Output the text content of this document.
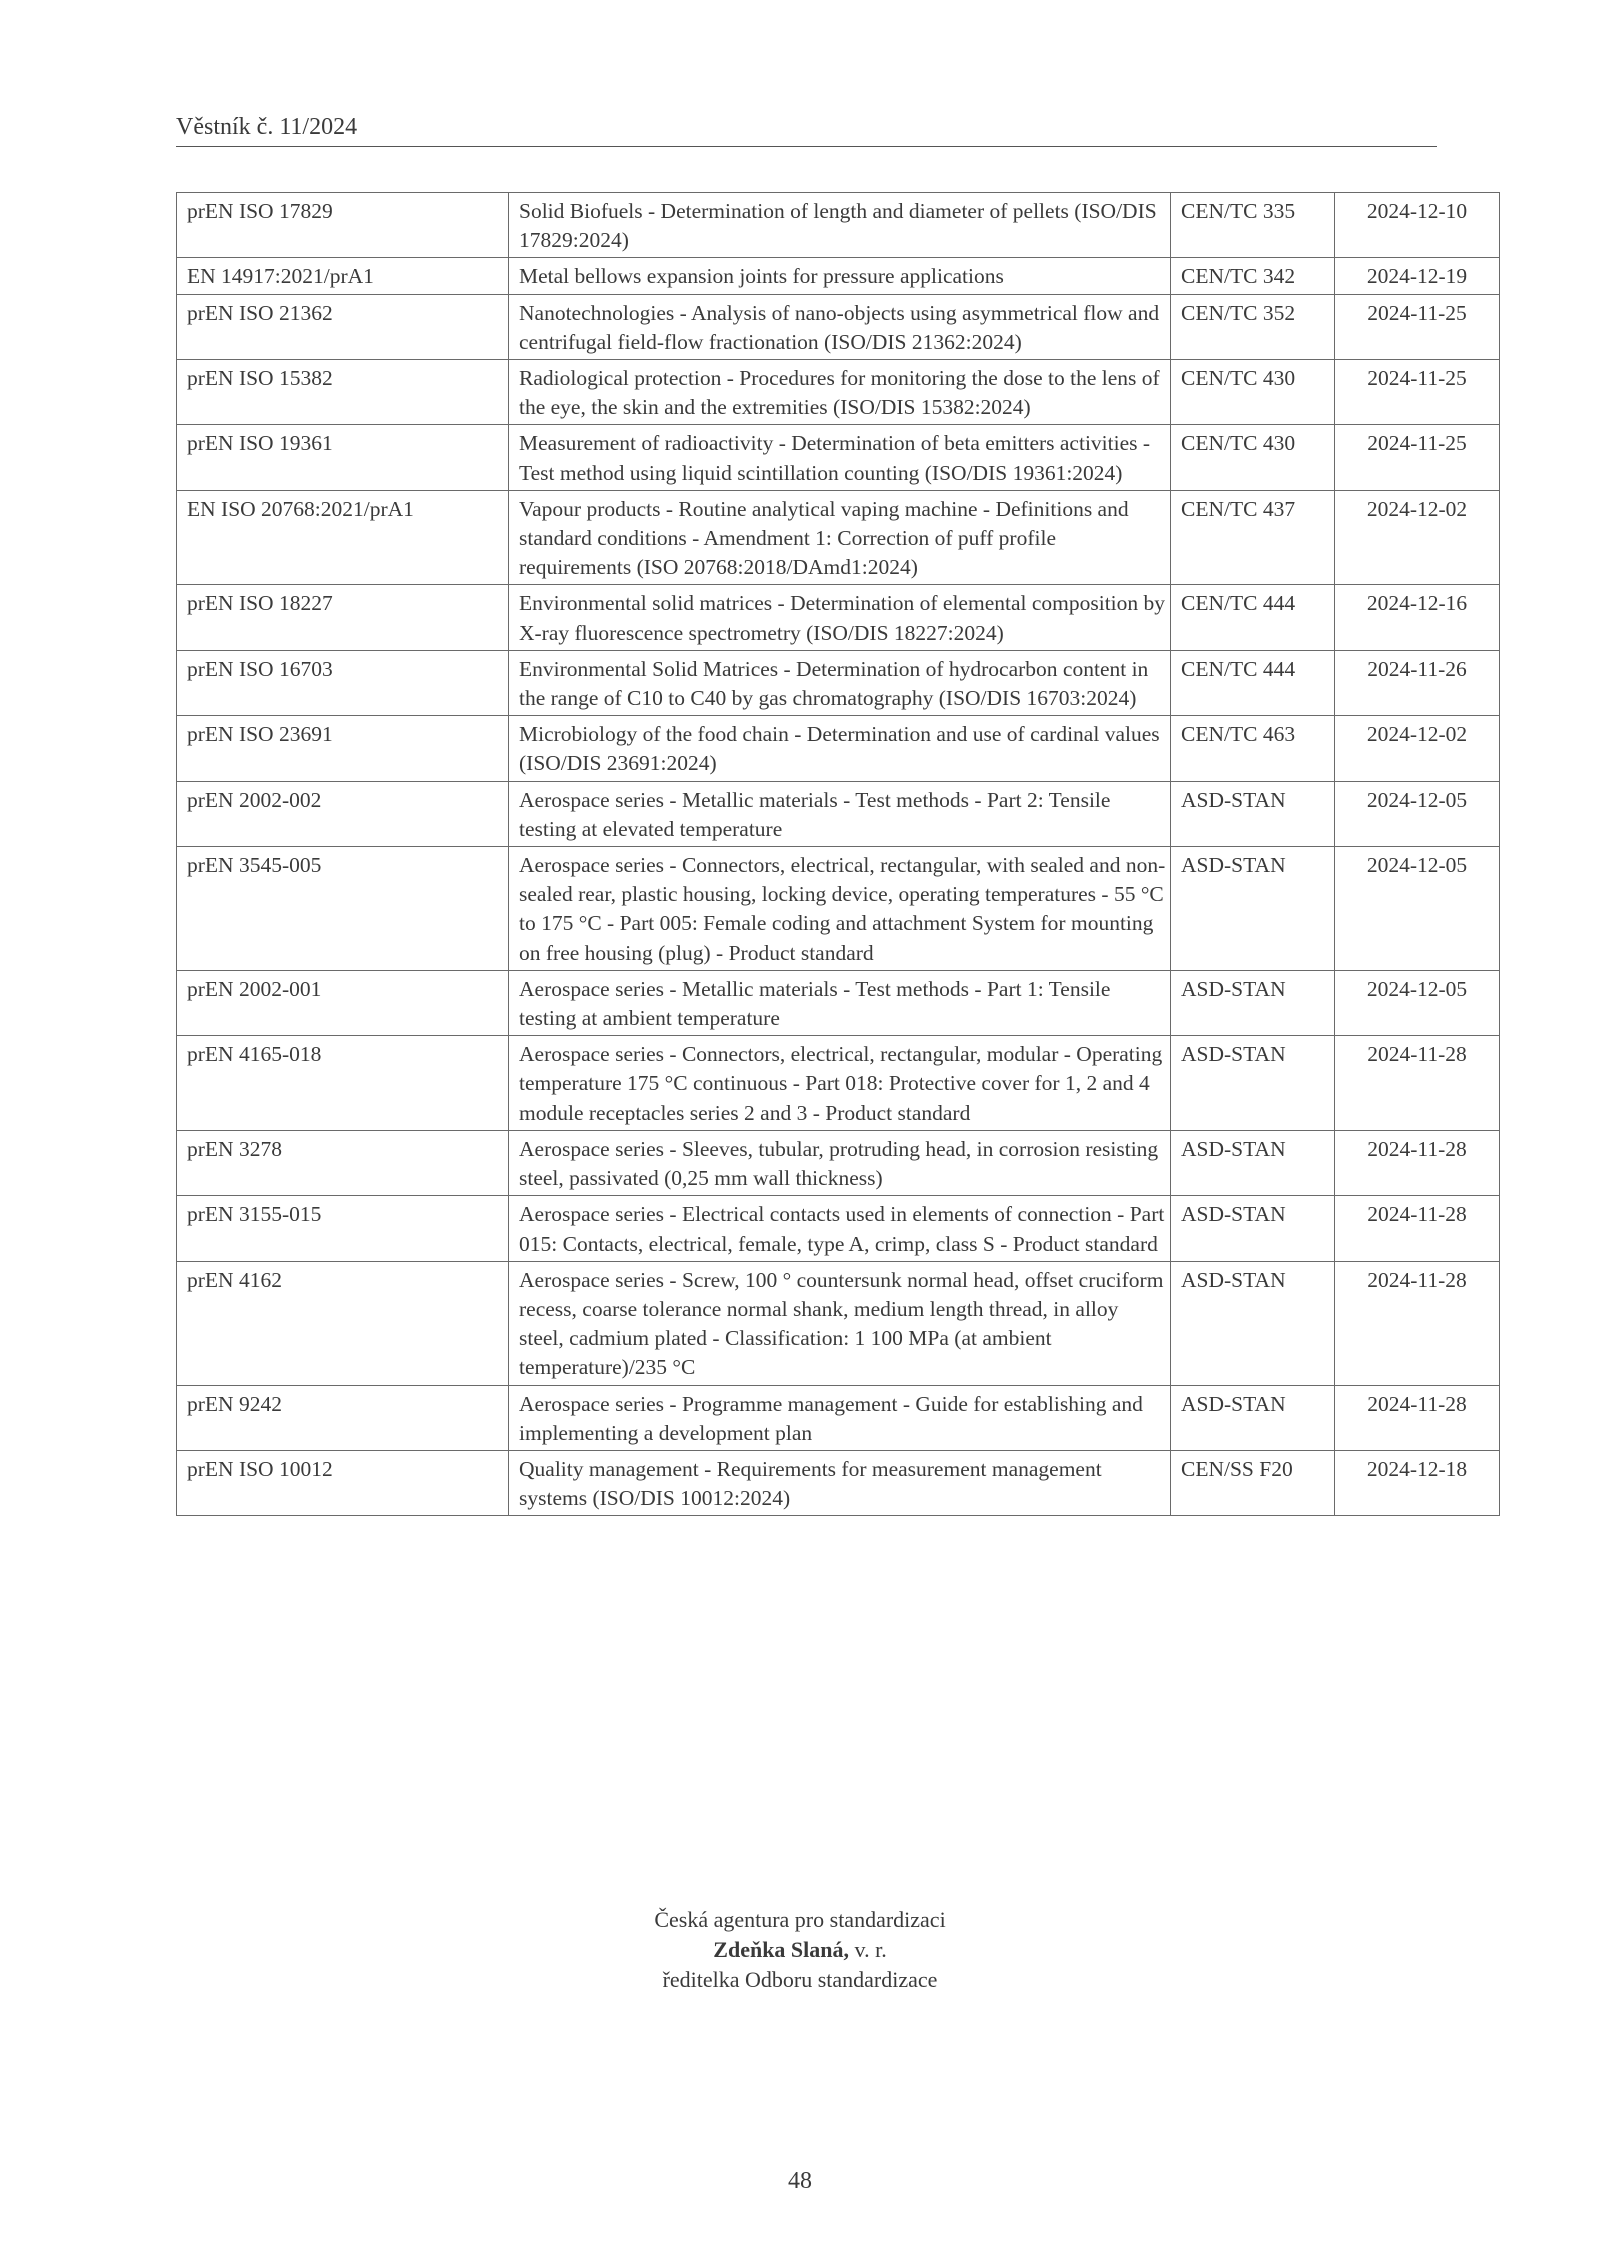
Věstník č. 11/2024
prEN ISO 17829	Solid Biofuels - Determination of length and diameter of pellets (ISO/DIS 17829:2024)	CEN/TC 335	2024-12-10
EN 14917:2021/prA1	Metal bellows expansion joints for pressure applications	CEN/TC 342	2024-12-19
prEN ISO 21362	Nanotechnologies - Analysis of nano-objects using asymmetrical flow and centrifugal field-flow fractionation (ISO/DIS 21362:2024)	CEN/TC 352	2024-11-25
prEN ISO 15382	Radiological protection - Procedures for monitoring the dose to the lens of the eye, the skin and the extremities (ISO/DIS 15382:2024)	CEN/TC 430	2024-11-25
prEN ISO 19361	Measurement of radioactivity - Determination of beta emitters activities -Test method using liquid scintillation counting (ISO/DIS 19361:2024)	CEN/TC 430	2024-11-25
EN ISO 20768:2021/prA1	Vapour products - Routine analytical vaping machine - Definitions and standard conditions - Amendment 1: Correction of puff profile requirements (ISO 20768:2018/DAmd1:2024)	CEN/TC 437	2024-12-02
prEN ISO 18227	Environmental solid matrices - Determination of elemental composition by X-ray fluorescence spectrometry (ISO/DIS 18227:2024)	CEN/TC 444	2024-12-16
prEN ISO 16703	Environmental Solid Matrices - Determination of hydrocarbon content in the range of C10 to C40 by gas chromatography (ISO/DIS 16703:2024)	CEN/TC 444	2024-11-26
prEN ISO 23691	Microbiology of the food chain - Determination and use of cardinal values (ISO/DIS 23691:2024)	CEN/TC 463	2024-12-02
prEN 2002-002	Aerospace series - Metallic materials - Test methods - Part 2: Tensile testing at elevated temperature	ASD-STAN	2024-12-05
prEN 3545-005	Aerospace series - Connectors, electrical, rectangular, with sealed and non-sealed rear, plastic housing, locking device, operating temperatures - 55 °C to 175 °C - Part 005: Female coding and attachment System for mounting on free housing (plug) - Product standard	ASD-STAN	2024-12-05
prEN 2002-001	Aerospace series - Metallic materials - Test methods - Part 1: Tensile testing at ambient temperature	ASD-STAN	2024-12-05
prEN 4165-018	Aerospace series - Connectors, electrical, rectangular, modular - Operating temperature 175 °C continuous - Part 018: Protective cover for 1, 2 and 4 module receptacles series 2 and 3 - Product standard	ASD-STAN	2024-11-28
prEN 3278	Aerospace series - Sleeves, tubular, protruding head, in corrosion resisting steel, passivated (0,25 mm wall thickness)	ASD-STAN	2024-11-28
prEN 3155-015	Aerospace series - Electrical contacts used in elements of connection - Part 015: Contacts, electrical, female, type A, crimp, class S - Product standard	ASD-STAN	2024-11-28
prEN 4162	Aerospace series - Screw, 100 ° countersunk normal head, offset cruciform recess, coarse tolerance normal shank, medium length thread, in alloy steel, cadmium plated - Classification: 1 100 MPa (at ambient temperature)/235 °C	ASD-STAN	2024-11-28
prEN 9242	Aerospace series - Programme management - Guide for establishing and implementing a development plan	ASD-STAN	2024-11-28
prEN ISO 10012	Quality management - Requirements for measurement management systems (ISO/DIS 10012:2024)	CEN/SS F20	2024-12-18
Česká agentura pro standardizaci
Zdeňka Slaná, v. r.
ředitelka Odboru standardizace
48
